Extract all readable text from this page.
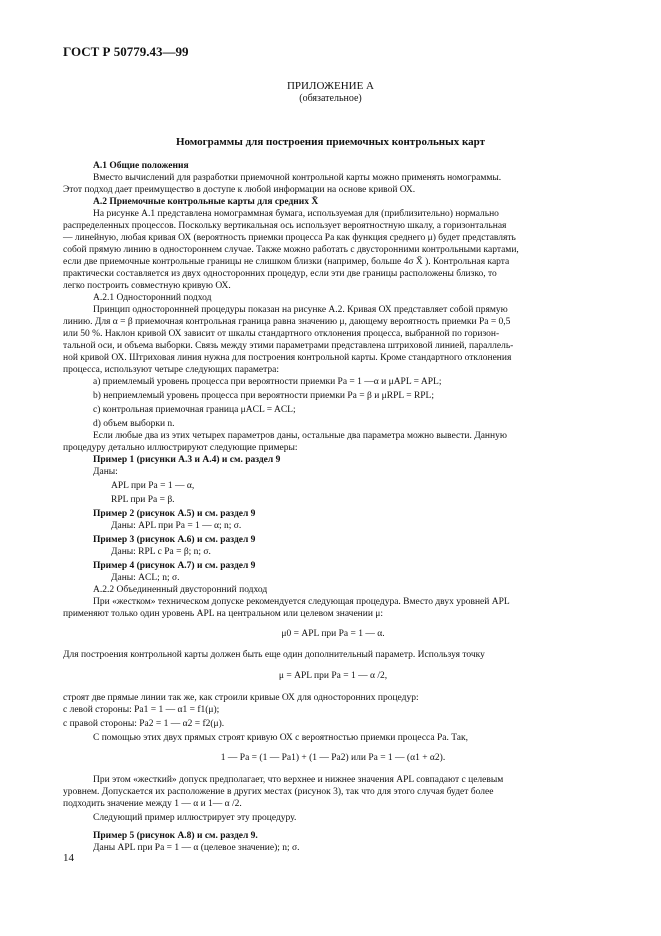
ГОСТ Р 50779.43—99
ПРИЛОЖЕНИЕ А
(обязательное)
Номограммы для построения приемочных контрольных карт
А.1 Общие положения
Вместо вычислений для разработки приемочной контрольной карты можно применять номограммы.
Этот подход дает преимущество в доступе к любой информации на основе кривой ОХ.
А.2 Приемочные контрольные карты для средних X̄
На рисунке А.1 представлена номограммная бумага, используемая для (приблизительно) нормально
распределенных процессов. Поскольку вертикальная ось использует вероятностную шкалу, а горизонтальная
— линейную, любая кривая ОХ (вероятность приемки процесса Ра как функция среднего μ) будет представлять
собой прямую линию в одностороннем случае. Также можно работать с двусторонними контрольными картами,
если две приемочные контрольные границы не слишком близки (например, больше 4σ X̄ ). Контрольная карта
практически составляется из двух односторонних процедур, если эти две границы расположены близко, то
легко построить совместную кривую ОХ.
А.2.1 Односторонний подход
Принцип одностороннней процедуры показан на рисунке А.2. Кривая ОХ представляет собой прямую
линию. Для α = β приемочная контрольная граница равна значению μ, дающему вероятность приемки Ра = 0,5
или 50 %. Наклон кривой ОХ зависит от шкалы стандартного отклонения процесса, выбранной по горизон-
тальной оси, и объема выборки. Связь между этими параметрами представлена штриховой линией, параллель-
ной кривой ОХ. Штриховая линия нужна для построения контрольной карты. Кроме стандартного отклонения
процесса, используют четыре следующих параметра:
а) приемлемый уровень процесса при вероятности приемки Ра = 1 —α и μAPL = APL;
b) неприемлемый уровень процесса при вероятности приемки Ра = β и μRPL = RPL;
с) контрольная приемочная граница μACL = ACL;
d) объем выборки n.
Если любые два из этих четырех параметров даны, остальные два параметра можно вывести. Данную
процедуру детально иллюстрируют следующие примеры:
Пример 1 (рисунки А.3 и А.4) и см. раздел 9
Даны:
APL при Ра = 1 — α,
RPL при Ра = β.
Пример 2 (рисунок А.5) и см. раздел 9
Даны: APL при Ра = 1 — α; n; σ.
Пример 3 (рисунок А.6) и см. раздел 9
Даны: RPL с Ра = β; n; σ.
Пример 4 (рисунок А.7) и см. раздел 9
Даны: ACL; n; σ.
А.2.2 Объединенный двусторонний подход
При «жестком» техническом допуске рекомендуется следующая процедура. Вместо двух уровней APL
применяют только один уровень APL на центральном или целевом значении μ:
μ0 = APL при Ра = 1 — α.
Для построения контрольной карты должен быть еще один дополнительный параметр. Используя точку
μ = APL при Ра = 1 — α /2,
строят две прямые линии так же, как строили кривые ОХ для односторонних процедур:
с левой стороны: Ра1 = 1 — α1 = f1(μ);
с правой стороны: Ра2 = 1 — α2 = f2(μ).
С помощью этих двух прямых строят кривую ОХ с вероятностью приемки процесса Ра. Так,
1 — Ра = (1 — Ра1) + (1 — Ра2) или Ра = 1 — (α1 + α2).
При этом «жесткий» допуск предполагает, что верхнее и нижнее значения APL совпадают с целевым
уровнем. Допускается их расположение в других местах (рисунок 3), так что для этого случая будет более
подходить значение между 1 — α и 1— α /2.
Следующий пример иллюстрирует эту процедуру.
Пример 5 (рисунок А.8) и см. раздел 9.
Даны APL при Ра = 1 — α (целевое значение); n; σ.
14
